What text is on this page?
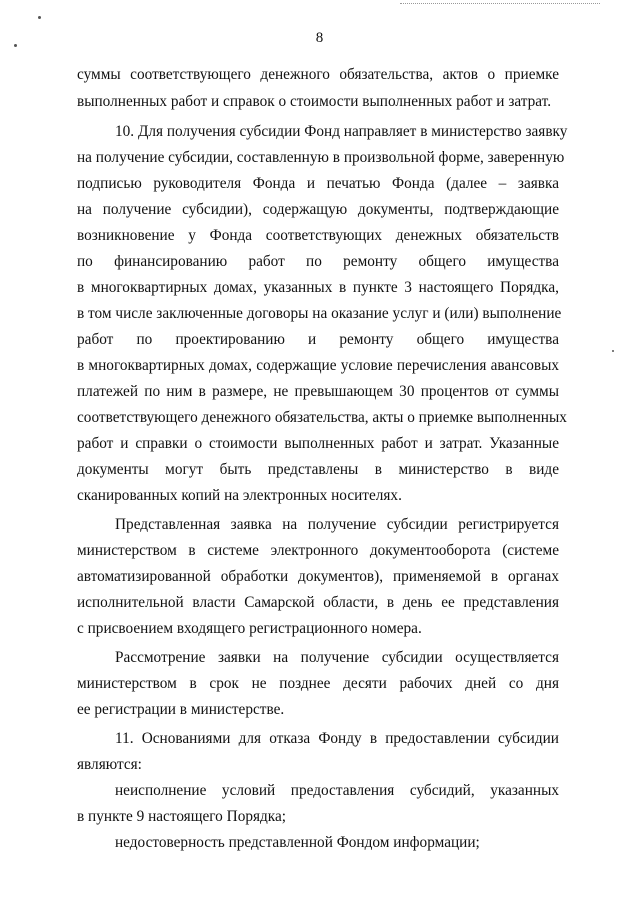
8
суммы соответствующего денежного обязательства, актов о приемке
выполненных работ и справок о стоимости выполненных работ и затрат.
10. Для получения субсидии Фонд направляет в министерство заявку
на получение субсидии, составленную в произвольной форме, заверенную
подписью руководителя Фонда и печатью Фонда (далее – заявка
на получение субсидии), содержащую документы, подтверждающие
возникновение у Фонда соответствующих денежных обязательств
по финансированию работ по ремонту общего имущества
в многоквартирных домах, указанных в пункте 3 настоящего Порядка,
в том числе заключенные договоры на оказание услуг и (или) выполнение
работ по проектированию и ремонту общего имущества
в многоквартирных домах, содержащие условие перечисления авансовых
платежей по ним в размере, не превышающем 30 процентов от суммы
соответствующего денежного обязательства, акты о приемке выполненных
работ и справки о стоимости выполненных работ и затрат. Указанные
документы могут быть представлены в министерство в виде
сканированных копий на электронных носителях.
Представленная заявка на получение субсидии регистрируется
министерством в системе электронного документооборота (системе
автоматизированной обработки документов), применяемой в органах
исполнительной власти Самарской области, в день ее представления
с присвоением входящего регистрационного номера.
Рассмотрение заявки на получение субсидии осуществляется
министерством в срок не позднее десяти рабочих дней со дня
ее регистрации в министерстве.
11. Основаниями для отказа Фонду в предоставлении субсидии
являются:
неисполнение условий предоставления субсидий, указанных
в пункте 9 настоящего Порядка;
недостоверность представленной Фондом информации;
